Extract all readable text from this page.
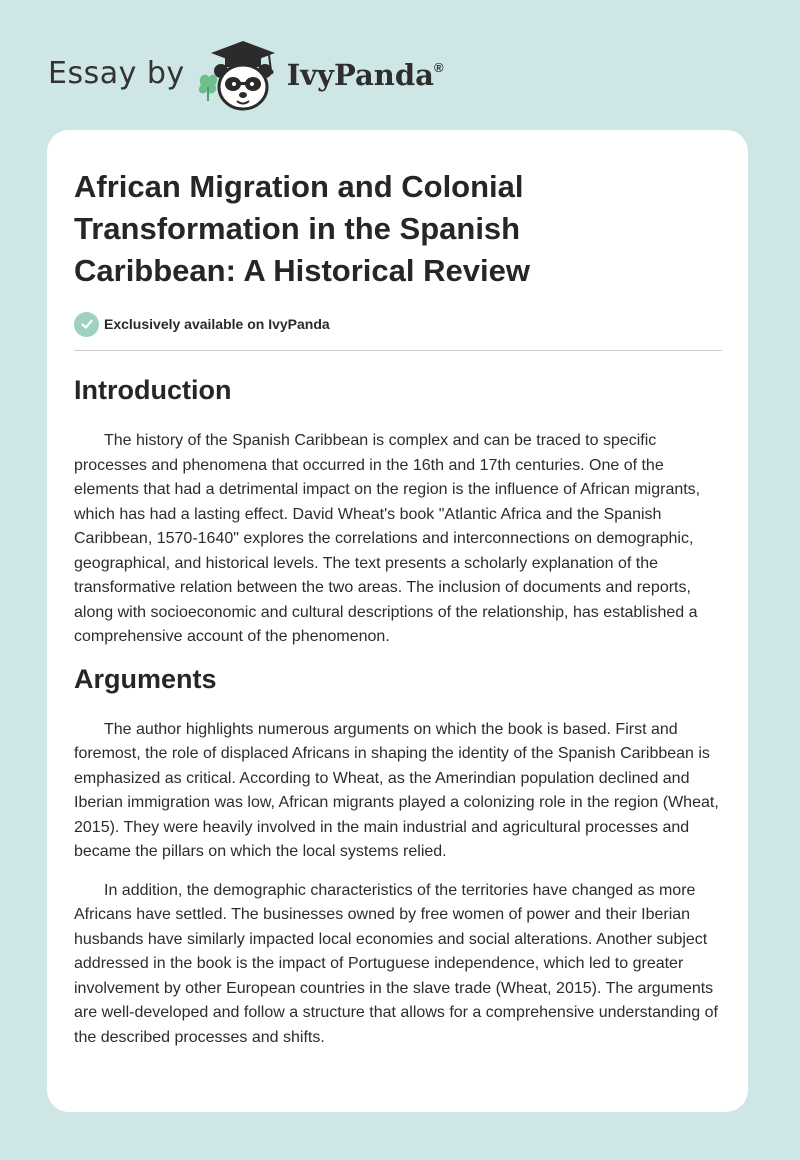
Essay by	IvyPanda®
African Migration and Colonial Transformation in the Spanish Caribbean: A Historical Review
Exclusively available on IvyPanda
Introduction

The history of the Spanish Caribbean is complex and can be traced to specific processes and phenomena that occurred in the 16th and 17th centuries. One of the elements that had a detrimental impact on the region is the influence of African migrants, which has had a lasting effect. David Wheat's book "Atlantic Africa and the Spanish Caribbean, 1570-1640" explores the correlations and interconnections on demographic, geographical, and historical levels. The text presents a scholarly explanation of the transformative relation between the two areas. The inclusion of documents and reports, along with socioeconomic and cultural descriptions of the relationship, has established a comprehensive account of the phenomenon.

Arguments

The author highlights numerous arguments on which the book is based. First and foremost, the role of displaced Africans in shaping the identity of the Spanish Caribbean is emphasized as critical. According to Wheat, as the Amerindian population declined and Iberian immigration was low, African migrants played a colonizing role in the region (Wheat, 2015). They were heavily involved in the main industrial and agricultural processes and became the pillars on which the local systems relied.

In addition, the demographic characteristics of the territories have changed as more Africans have settled. The businesses owned by free women of power and their Iberian husbands have similarly impacted local economies and social alterations. Another subject addressed in the book is the impact of Portuguese independence, which led to greater involvement by other European countries in the slave trade (Wheat, 2015). The arguments are well-developed and follow a structure that allows for a comprehensive understanding of the described processes and shifts.
